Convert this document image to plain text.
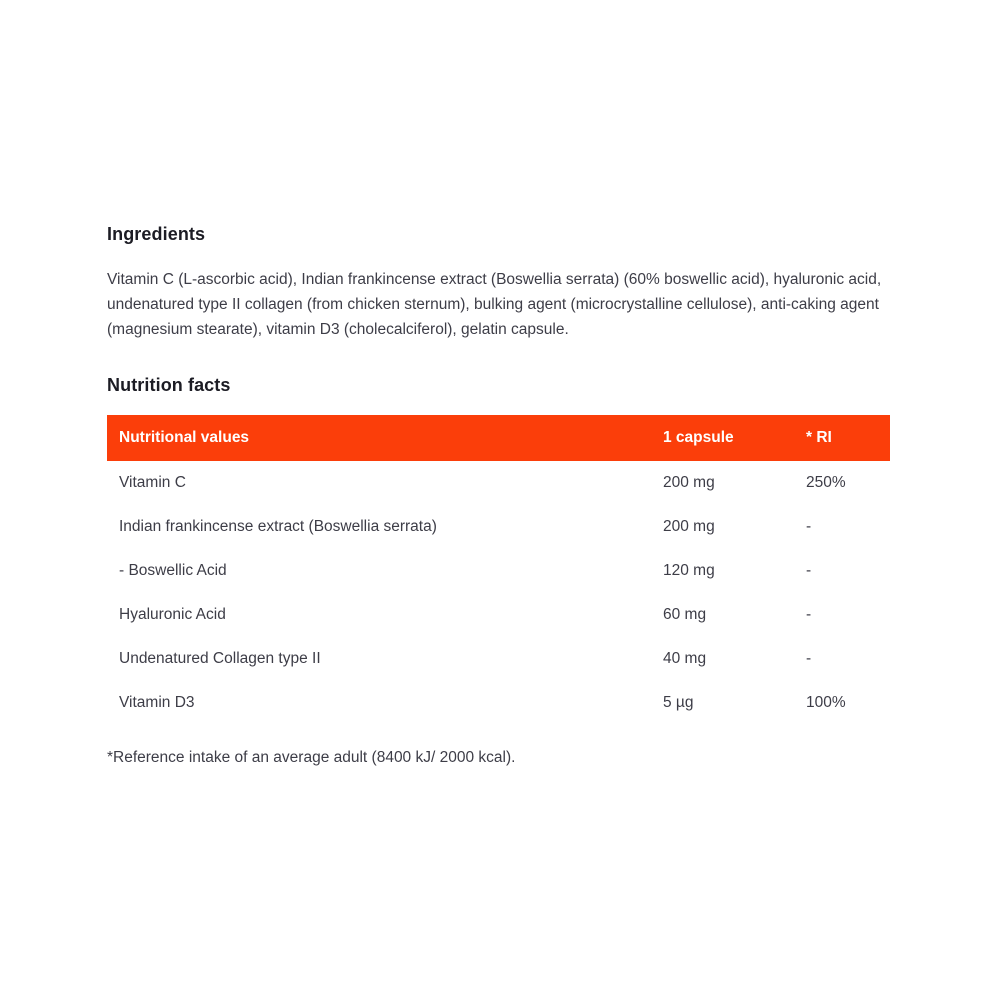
Ingredients

Vitamin C (L-ascorbic acid), Indian frankincense extract (Boswellia serrata) (60% boswellic acid), hyaluronic acid, undenatured type II collagen (from chicken sternum), bulking agent (microcrystalline cellulose), anti-caking agent (magnesium stearate), vitamin D3 (cholecalciferol), gelatin capsule.

Nutrition facts
Nutritional values	1 capsule	* RI
Vitamin C	200 mg	250%
Indian frankincense extract (Boswellia serrata)	200 mg	-
- Boswellic Acid	120 mg	-
Hyaluronic Acid	60 mg	-
Undenatured Collagen type II	40 mg	-
Vitamin D3	5 µg	100%

*Reference intake of an average adult (8400 kJ/ 2000 kcal).
